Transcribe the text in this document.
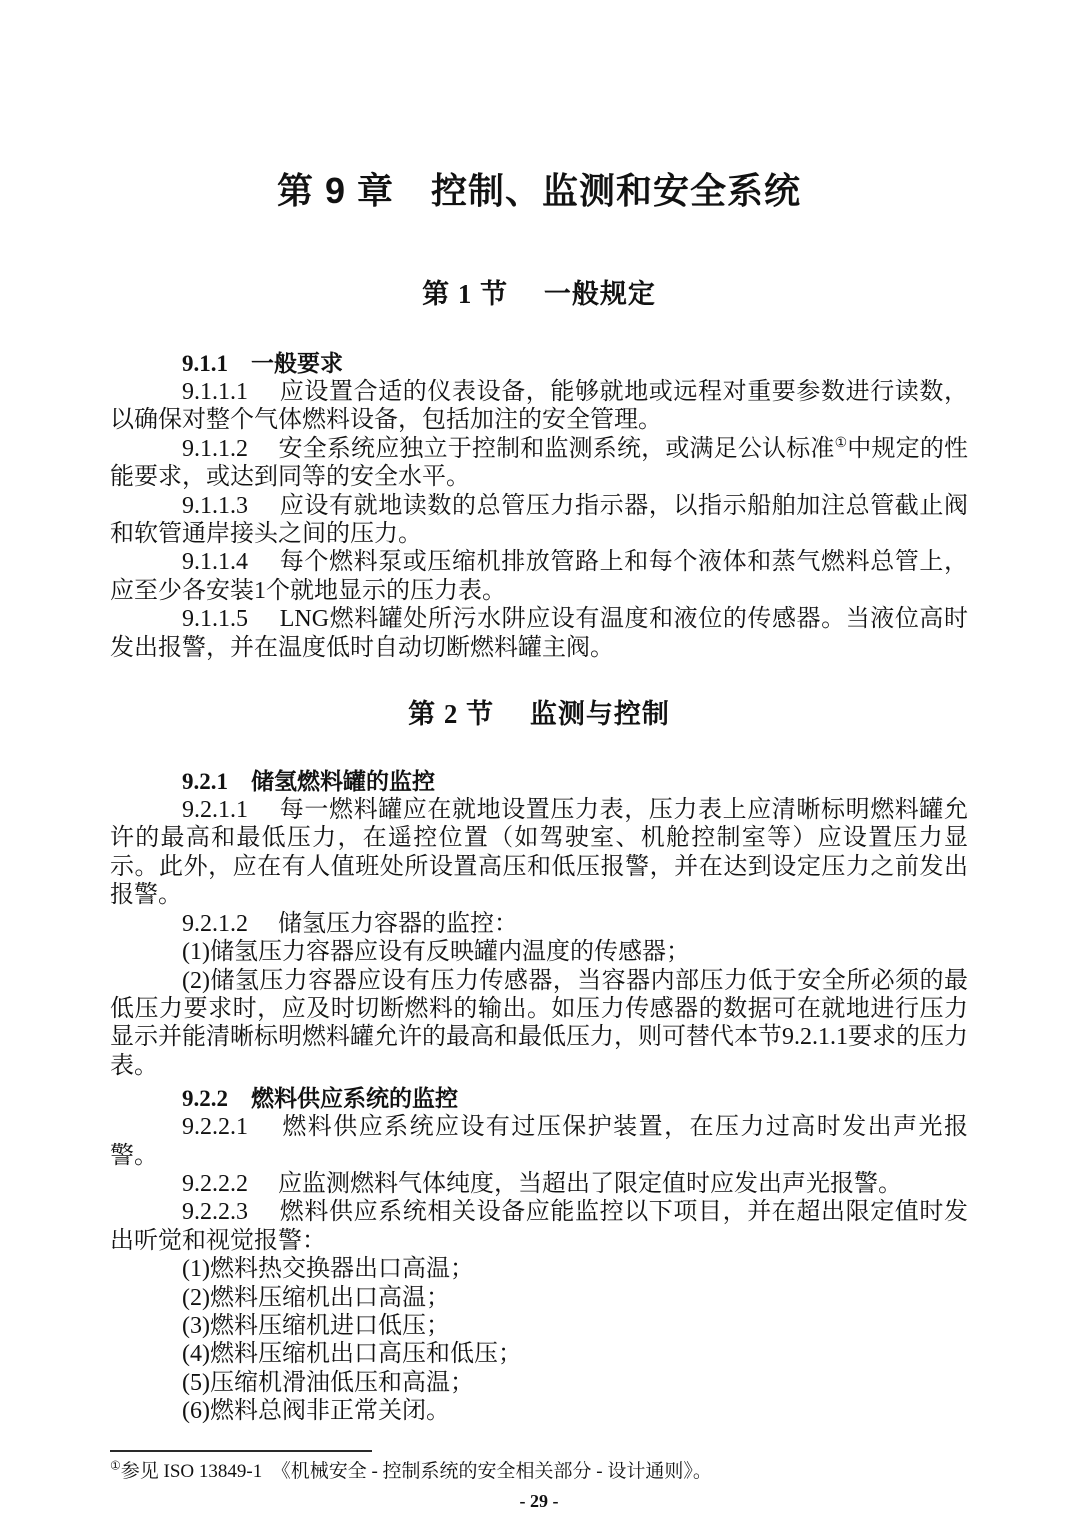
第 9 章　控制、监测和安全系统
第 1 节　 一般规定
9.1.1　一般要求

9.1.1.1　 应设置合适的仪表设备，能够就地或远程对重要参数进行读数，以确保对整个气体燃料设备，包括加注的安全管理。

9.1.1.2　 安全系统应独立于控制和监测系统，或满足公认标准①中规定的性能要求，或达到同等的安全水平。

9.1.1.3　 应设有就地读数的总管压力指示器，以指示船舶加注总管截止阀和软管通岸接头之间的压力。

9.1.1.4　 每个燃料泵或压缩机排放管路上和每个液体和蒸气燃料总管上，应至少各安装1个就地显示的压力表。

9.1.1.5　 LNG燃料罐处所污水阱应设有温度和液位的传感器。当液位高时发出报警，并在温度低时自动切断燃料罐主阀。

第 2 节　 监测与控制
9.2.1　储氢燃料罐的监控

9.2.1.1　 每一燃料罐应在就地设置压力表，压力表上应清晰标明燃料罐允许的最高和最低压力，在遥控位置（如驾驶室、机舱控制室等）应设置压力显示。此外，应在有人值班处所设置高压和低压报警，并在达到设定压力之前发出报警。

9.2.1.2　 储氢压力容器的监控：

(1)储氢压力容器应设有反映罐内温度的传感器；

(2)储氢压力容器应设有压力传感器，当容器内部压力低于安全所必须的最低压力要求时，应及时切断燃料的输出。如压力传感器的数据可在就地进行压力显示并能清晰标明燃料罐允许的最高和最低压力，则可替代本节9.2.1.1要求的压力表。

9.2.2　燃料供应系统的监控

9.2.2.1　 燃料供应系统应设有过压保护装置，在压力过高时发出声光报警。

9.2.2.2　 应监测燃料气体纯度，当超出了限定值时应发出声光报警。

9.2.2.3　 燃料供应系统相关设备应能监控以下项目，并在超出限定值时发出听觉和视觉报警：

(1)燃料热交换器出口高温；

(2)燃料压缩机出口高温；

(3)燃料压缩机进口低压；

(4)燃料压缩机出口高压和低压；

(5)压缩机滑油低压和高温；

(6)燃料总阀非正常关闭。

①参见 ISO 13849-1　《机械安全 - 控制系统的安全相关部分 - 设计通则》。

- 29 -
